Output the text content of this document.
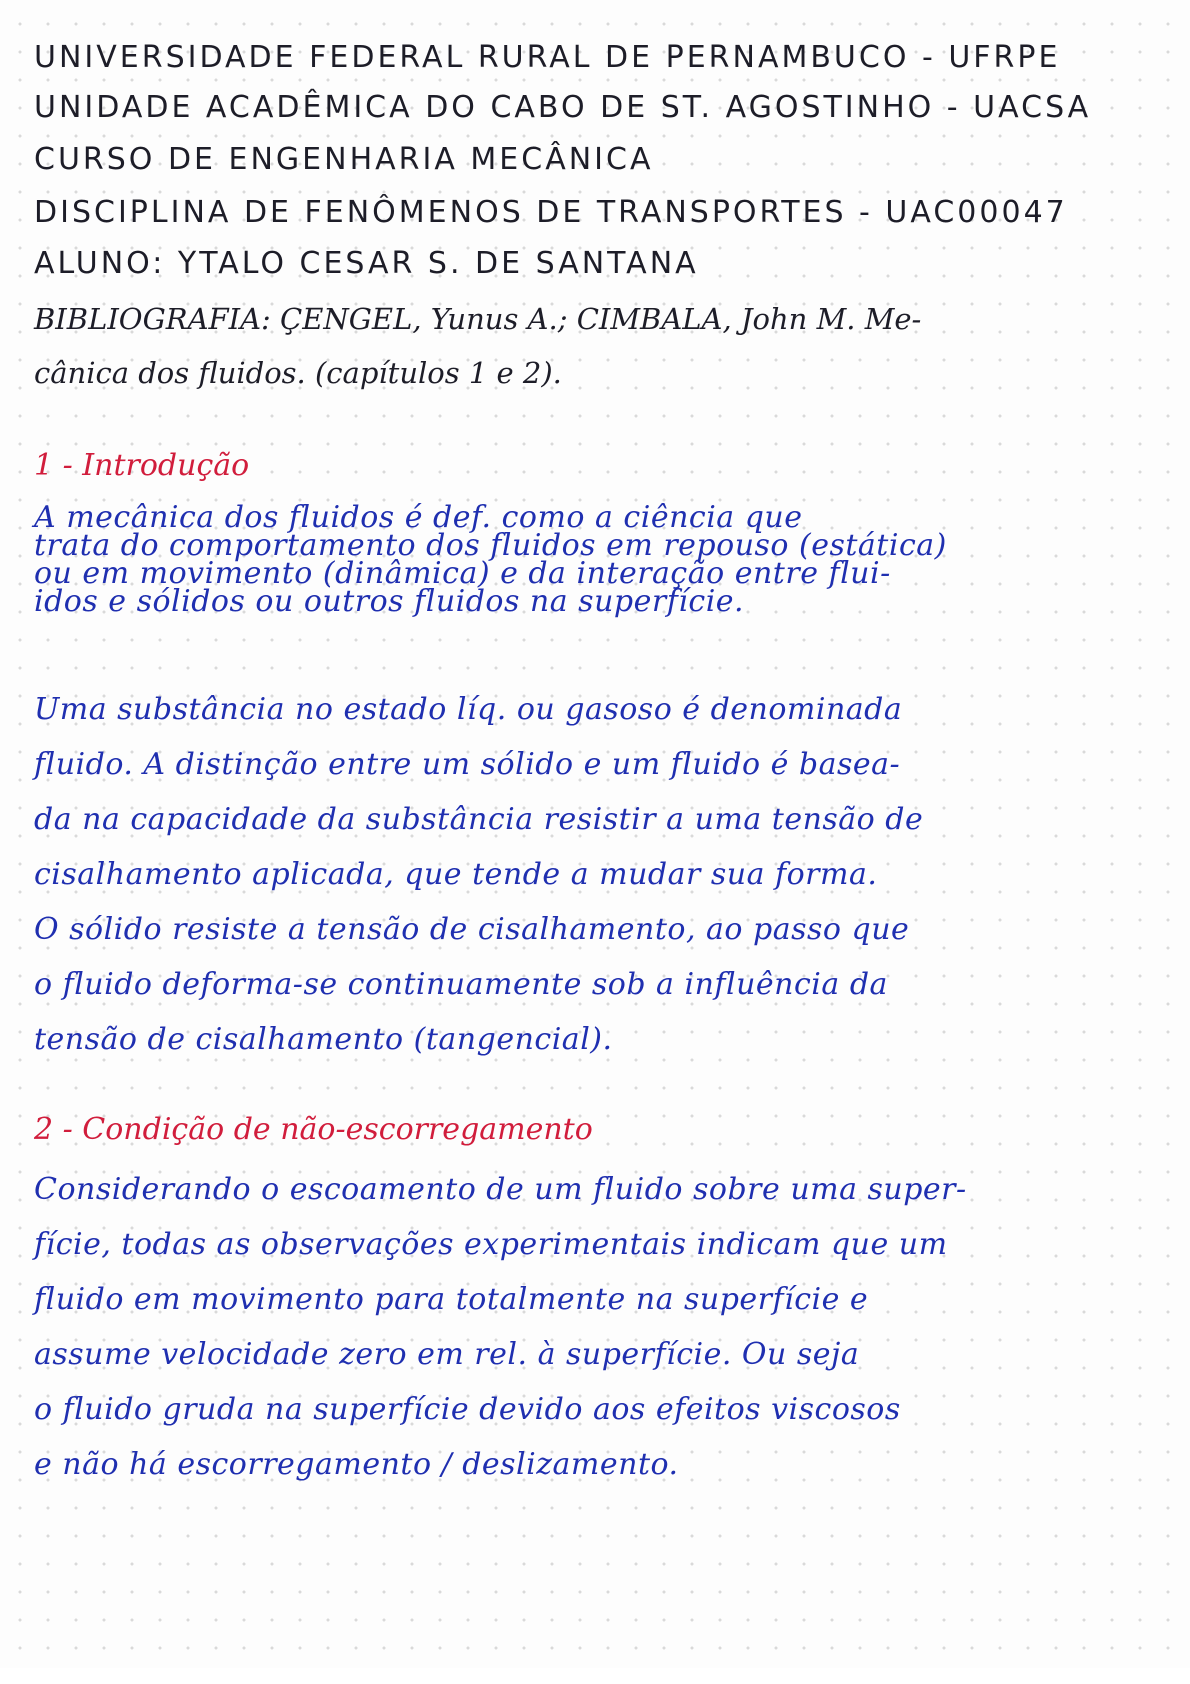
UNIVERSIDADE FEDERAL RURAL DE PERNAMBUCO - UFRPE
UNIDADE ACADÊMICA DO CABO DE ST. AGOSTINHO - UACSA
CURSO DE ENGENHARIA MECÂNICA
DISCIPLINA DE FENÔMENOS DE TRANSPORTES - UAC00047
ALUNO: YTALO CESAR S. DE SANTANA
BIBLIOGRAFIA: ÇENGEL, Yunus A.; CIMBALA, John M. Me-
cânica dos fluidos. (capítulos 1 e 2).
1 - Introdução
A mecânica dos fluidos é def. como a ciência que
trata do comportamento dos fluidos em repouso (estática)
ou em movimento (dinâmica) e da interação entre flui-
idos e sólidos ou outros fluidos na superfície.
Uma substância no estado líq. ou gasoso é denominada
fluido. A distinção entre um sólido e um fluido é basea-
da na capacidade da substância resistir a uma tensão de
cisalhamento aplicada, que tende a mudar sua forma.
O sólido resiste a tensão de cisalhamento, ao passo que
o fluido deforma-se continuamente sob a influência da
tensão de cisalhamento (tangencial).
2 - Condição de não-escorregamento
Considerando o escoamento de um fluido sobre uma super-
fície, todas as observações experimentais indicam que um
fluido em movimento para totalmente na superfície e
assume velocidade zero em rel. à superfície. Ou seja
o fluido gruda na superfície devido aos efeitos viscosos
e não há escorregamento / deslizamento.
